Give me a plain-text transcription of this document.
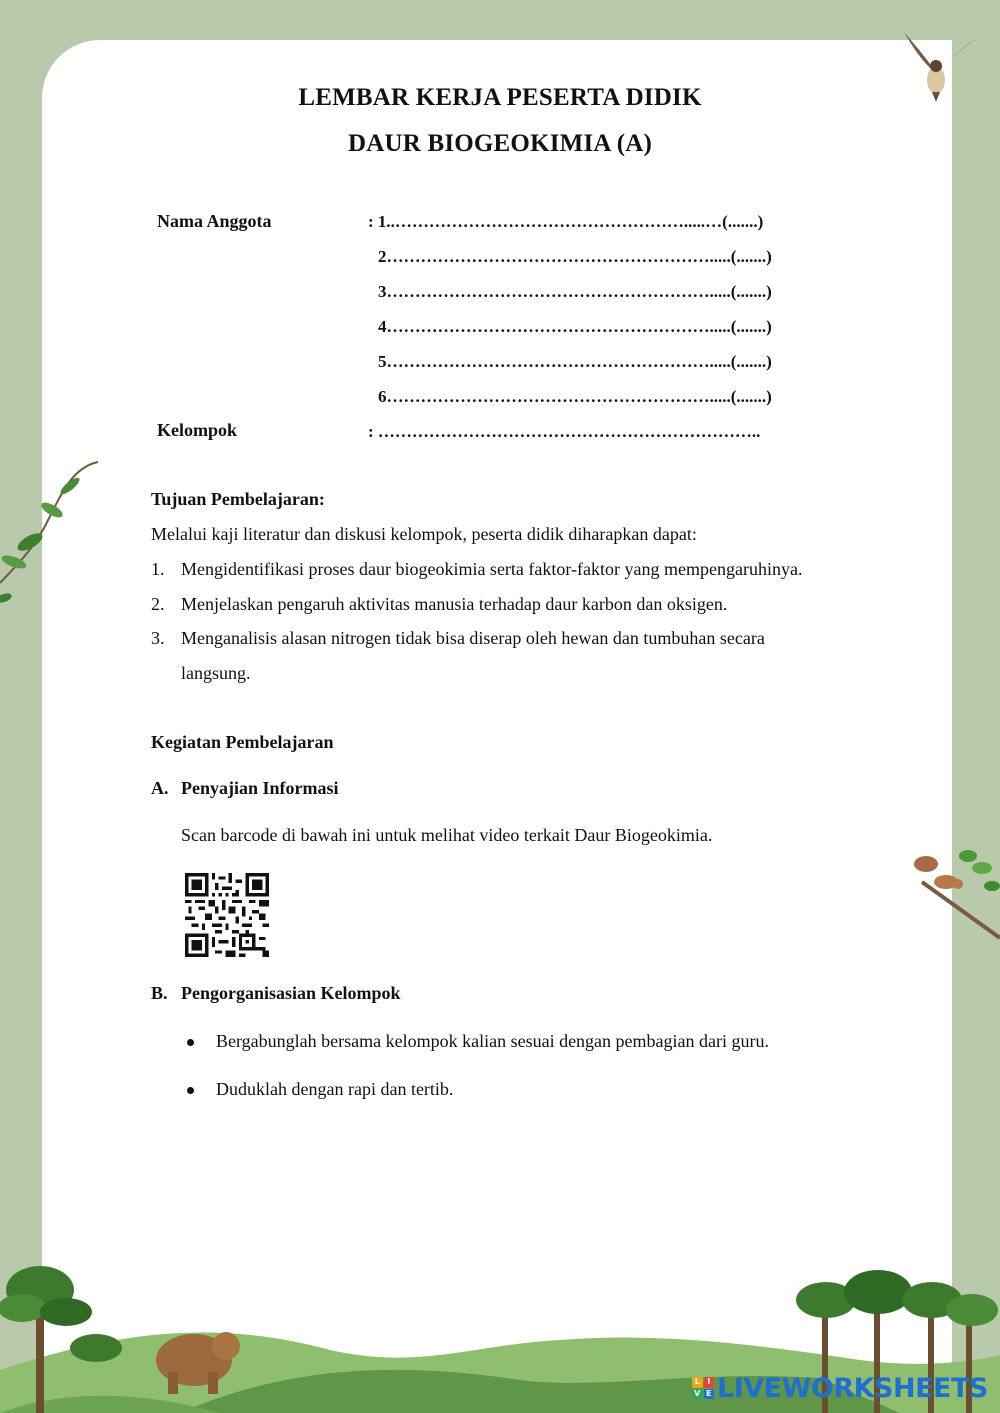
LEMBAR KERJA PESERTA DIDIK
DAUR BIOGEOKIMIA (A)
Nama Anggota	: 1..…………………………………………….....…(.......)
2………………………………………………….....(.......)
3………………………………………………….....(.......)
4………………………………………………….....(.......)
5………………………………………………….....(.......)
6………………………………………………….....(.......)
Kelompok	: …………………………………………………………..
Tujuan Pembelajaran:
Melalui kaji literatur dan diskusi kelompok, peserta didik diharapkan dapat:
1. Mengidentifikasi proses daur biogeokimia serta faktor-faktor yang mempengaruhinya.
2. Menjelaskan pengaruh aktivitas manusia terhadap daur karbon dan oksigen.
3. Menganalisis alasan nitrogen tidak bisa diserap oleh hewan dan tumbuhan secara
langsung.
Kegiatan Pembelajaran
A. Penyajian Informasi
Scan barcode di bawah ini untuk melihat video terkait Daur Biogeokimia.
B. Pengorganisasian Kelompok
Bergabunglah bersama kelompok kalian sesuai dengan pembagian dari guru.
Duduklah dengan rapi dan tertib.
L I
V E LIVEWORKSHEETS
